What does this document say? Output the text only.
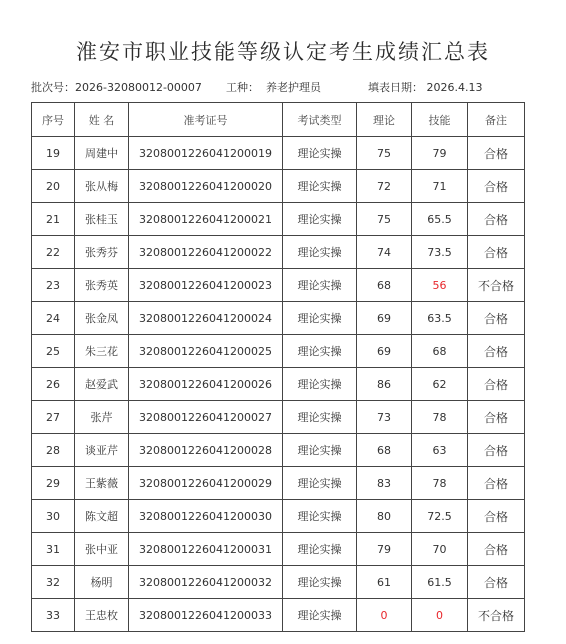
淮安市职业技能等级认定考生成绩汇总表
批次号：2026-32080012-00007 工种： 养老护理员	填表日期： 2026.4.13
序号	姓 名	准考证号	考试类型	理论	技能	备注
19	周建中	3208001226041200019	理论实操	75	79	合格
20	张从梅	3208001226041200020	理论实操	72	71	合格
21	张桂玉	3208001226041200021	理论实操	75	65.5	合格
22	张秀芬	3208001226041200022	理论实操	74	73.5	合格
23	张秀英	3208001226041200023	理论实操	68	56	不合格
24	张金凤	3208001226041200024	理论实操	69	63.5	合格
25	朱三花	3208001226041200025	理论实操	69	68	合格
26	赵爱武	3208001226041200026	理论实操	86	62	合格
27	张芹	3208001226041200027	理论实操	73	78	合格
28	谈亚芹	3208001226041200028	理论实操	68	63	合格
29	王紫薇	3208001226041200029	理论实操	83	78	合格
30	陈文超	3208001226041200030	理论实操	80	72.5	合格
31	张中亚	3208001226041200031	理论实操	79	70	合格
32	杨明	3208001226041200032	理论实操	61	61.5	合格
33	王忠枚	3208001226041200033	理论实操	0	0	不合格
